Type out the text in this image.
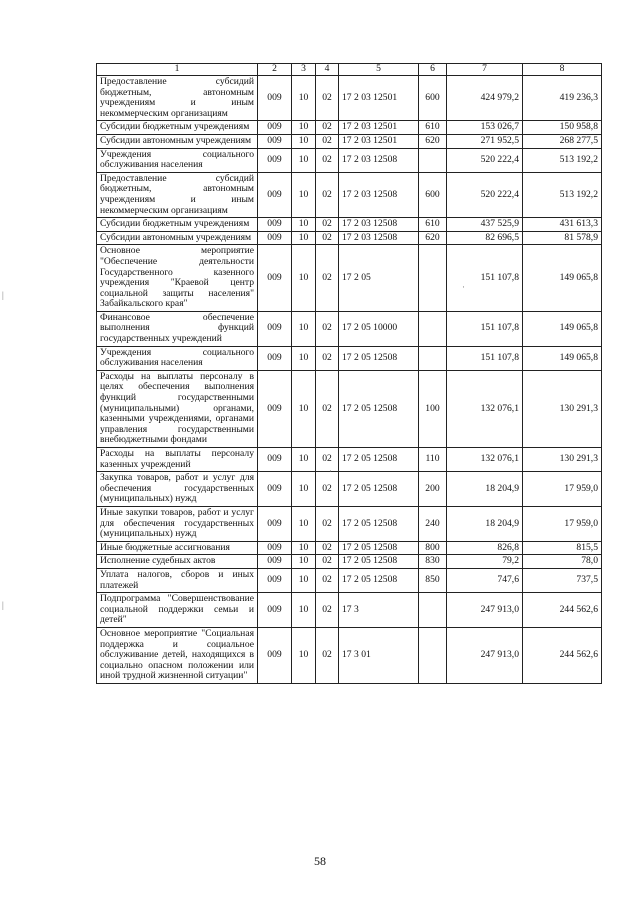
1	2	3	4	5	6	7	8
Предоставление субсидий бюджетным, автономным учреждениям и иным некоммерческим организациям	009	10	02	17 2 03 12501	600	424 979,2	419 236,3
Субсидии бюджетным учреждениям	009	10	02	17 2 03 12501	610	153 026,7	150 958,8
Субсидии автономным учреждениям	009	10	02	17 2 03 12501	620	271 952,5	268 277,5
Учреждения социального обслуживания населения	009	10	02	17 2 03 12508		520 222,4	513 192,2
Предоставление субсидий бюджетным, автономным учреждениям и иным некоммерческим организациям	009	10	02	17 2 03 12508	600	520 222,4	513 192,2
Субсидии бюджетным учреждениям	009	10	02	17 2 03 12508	610	437 525,9	431 613,3
Субсидии автономным учреждениям	009	10	02	17 2 03 12508	620	82 696,5	81 578,9
Основное мероприятие "Обеспечение деятельности Государственного казенного учреждения "Краевой центр социальной защиты населения" Забайкальского края"	009	10	02	17 2 05		151 107,8	149 065,8
Финансовое обеспечение выполнения функций государственных учреждений	009	10	02	17 2 05 10000		151 107,8	149 065,8
Учреждения социального обслуживания населения	009	10	02	17 2 05 12508		151 107,8	149 065,8
Расходы на выплаты персоналу в целях обеспечения выполнения функций государственными (муниципальными) органами, казенными учреждениями, органами управления государственными внебюджетными фондами	009	10	02	17 2 05 12508	100	132 076,1	130 291,3
Расходы на выплаты персоналу казенных учреждений	009	10	02	17 2 05 12508	110	132 076,1	130 291,3
Закупка товаров, работ и услуг для обеспечения государственных (муниципальных) нужд	009	10	02	17 2 05 12508	200	18 204,9	17 959,0
Иные закупки товаров, работ и услуг для обеспечения государственных (муниципальных) нужд	009	10	02	17 2 05 12508	240	18 204,9	17 959,0
Иные бюджетные ассигнования	009	10	02	17 2 05 12508	800	826,8	815,5
Исполнение судебных актов	009	10	02	17 2 05 12508	830	79,2	78,0
Уплата налогов, сборов и иных платежей	009	10	02	17 2 05 12508	850	747,6	737,5
Подпрограмма "Совершенствование социальной поддержки семьи и детей"	009	10	02	17 3		247 913,0	244 562,6
Основное мероприятие "Социальная поддержка и социальное обслуживание детей, находящихся в социально опасном положении или иной трудной жизненной ситуации"	009	10	02	17 3 01		247 913,0	244 562,6
58
·
·
|
|
